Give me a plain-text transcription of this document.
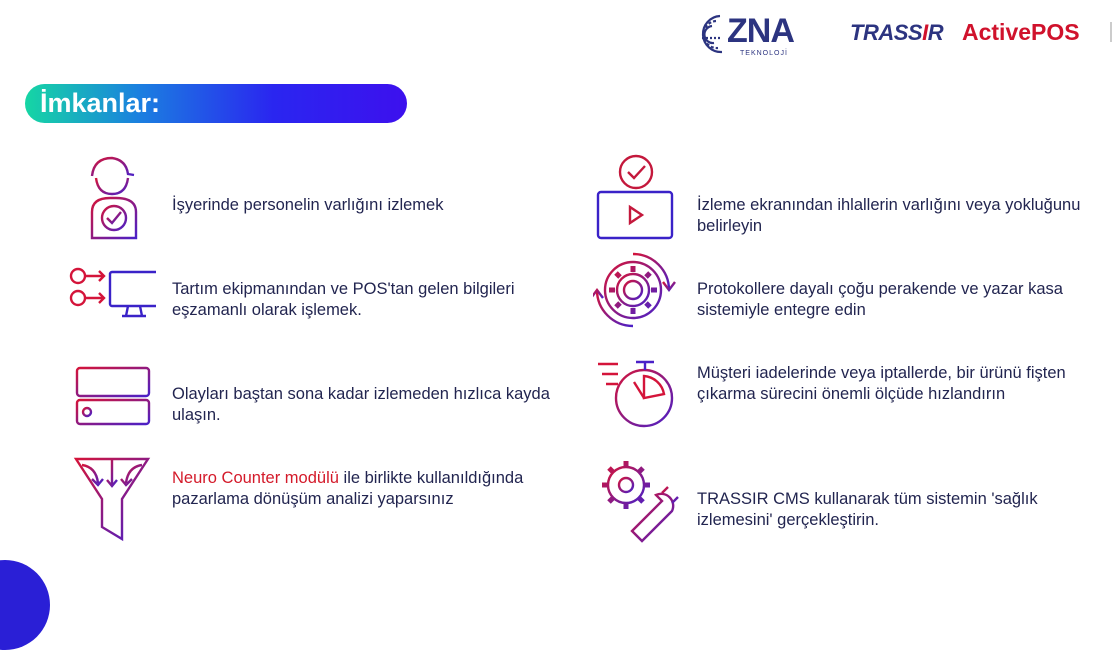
ZNA
TEKNOLOJİ
TRASSIR ActivePOS
İmkanlar:
İşyerinde personelin varlığını izlemek
Tartım ekipmanından ve POS'tan gelen bilgileri eşzamanlı olarak işlemek.
Olayları baştan sona kadar izlemeden hızlıca kayda ulaşın.
Neuro Counter modülü ile birlikte kullanıldığında pazarlama dönüşüm analizi yaparsınız
İzleme ekranından ihlallerin varlığını veya yokluğunu belirleyin
Protokollere dayalı çoğu perakende ve yazar kasa sistemiyle entegre edin
Müşteri iadelerinde veya iptallerde, bir ürünü fişten çıkarma sürecini önemli ölçüde hızlandırın
TRASSIR CMS kullanarak tüm sistemin 'sağlık izlemesini' gerçekleştirin.
